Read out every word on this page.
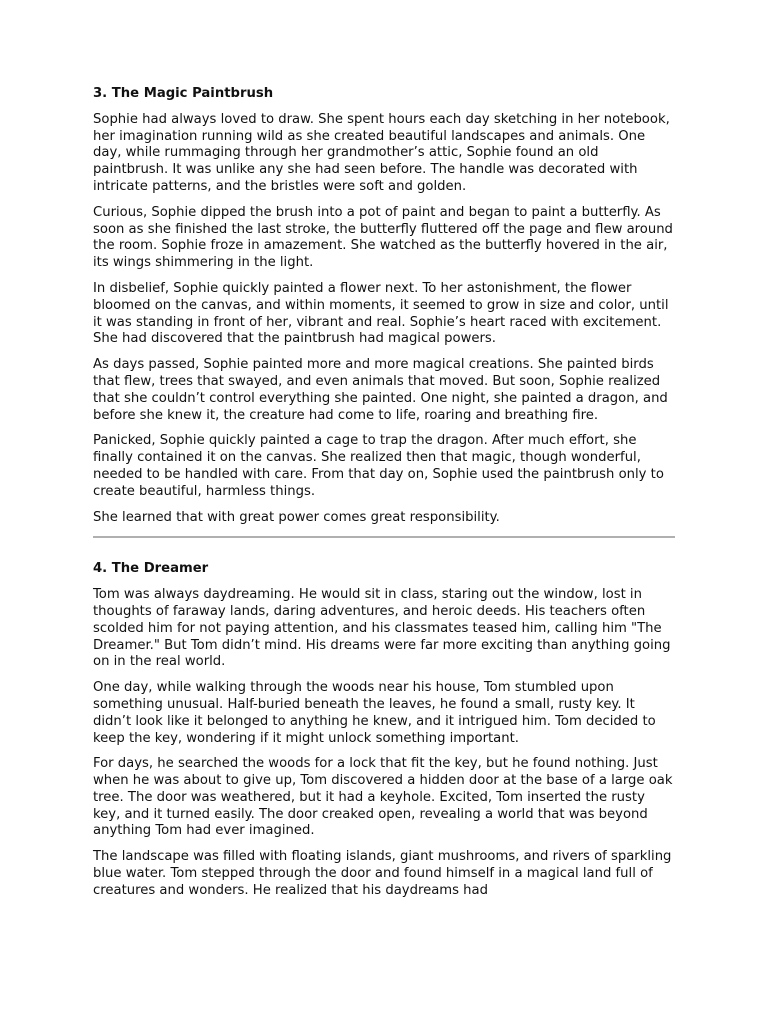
3. The Magic Paintbrush

Sophie had always loved to draw. She spent hours each day sketching in her notebook, her imagination running wild as she created beautiful landscapes and animals. One day, while rummaging through her grandmother’s attic, Sophie found an old paintbrush. It was unlike any she had seen before. The handle was decorated with intricate patterns, and the bristles were soft and golden.

Curious, Sophie dipped the brush into a pot of paint and began to paint a butterfly. As soon as she finished the last stroke, the butterfly fluttered off the page and flew around the room. Sophie froze in amazement. She watched as the butterfly hovered in the air, its wings shimmering in the light.

In disbelief, Sophie quickly painted a flower next. To her astonishment, the flower bloomed on the canvas, and within moments, it seemed to grow in size and color, until it was standing in front of her, vibrant and real. Sophie’s heart raced with excitement. She had discovered that the paintbrush had magical powers.

As days passed, Sophie painted more and more magical creations. She painted birds that flew, trees that swayed, and even animals that moved. But soon, Sophie realized that she couldn’t control everything she painted. One night, she painted a dragon, and before she knew it, the creature had come to life, roaring and breathing fire.

Panicked, Sophie quickly painted a cage to trap the dragon. After much effort, she finally contained it on the canvas. She realized then that magic, though wonderful, needed to be handled with care. From that day on, Sophie used the paintbrush only to create beautiful, harmless things.

She learned that with great power comes great responsibility.

4. The Dreamer

Tom was always daydreaming. He would sit in class, staring out the window, lost in thoughts of faraway lands, daring adventures, and heroic deeds. His teachers often scolded him for not paying attention, and his classmates teased him, calling him "The Dreamer." But Tom didn’t mind. His dreams were far more exciting than anything going on in the real world.

One day, while walking through the woods near his house, Tom stumbled upon something unusual. Half-buried beneath the leaves, he found a small, rusty key. It didn’t look like it belonged to anything he knew, and it intrigued him. Tom decided to keep the key, wondering if it might unlock something important.

For days, he searched the woods for a lock that fit the key, but he found nothing. Just when he was about to give up, Tom discovered a hidden door at the base of a large oak tree. The door was weathered, but it had a keyhole. Excited, Tom inserted the rusty key, and it turned easily. The door creaked open, revealing a world that was beyond anything Tom had ever imagined.

The landscape was filled with floating islands, giant mushrooms, and rivers of sparkling blue water. Tom stepped through the door and found himself in a magical land full of creatures and wonders. He realized that his daydreams had
